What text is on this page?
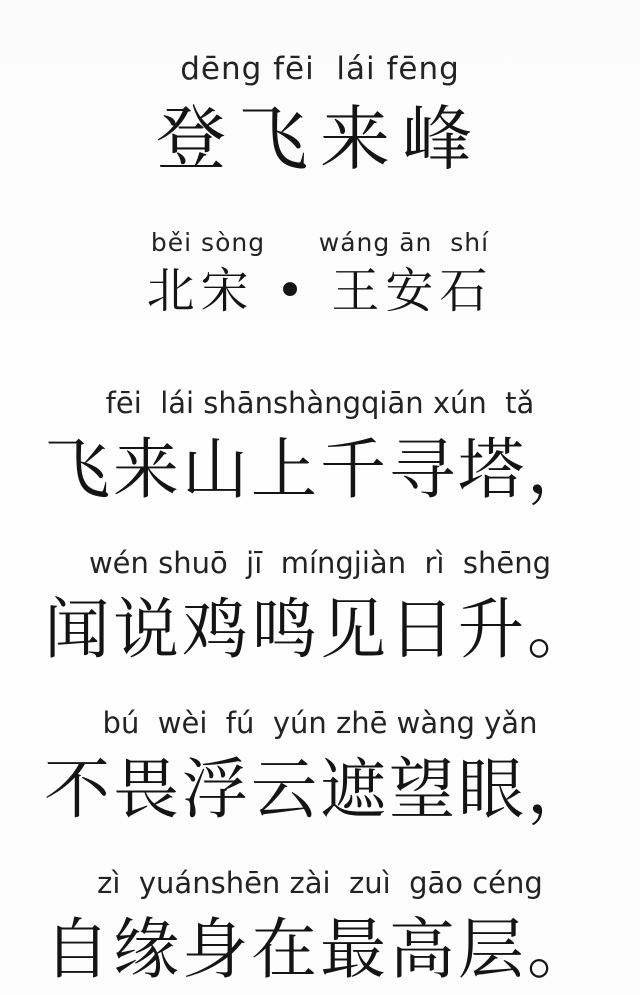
dēng fēi  lái fēng
登飞来峰
běi sòng      wáng ān  shí
北宋 • 王安石
fēi  lái shānshàngqiān xún  tǎ
飞来山上千寻塔，
wén shuō  jī  míngjiàn  rì  shēng
闻说鸡鸣见日升。
bú  wèi  fú  yún zhē wàng yǎn
不畏浮云遮望眼，
zì  yuánshēn zài  zuì  gāo céng
自缘身在最高层。
